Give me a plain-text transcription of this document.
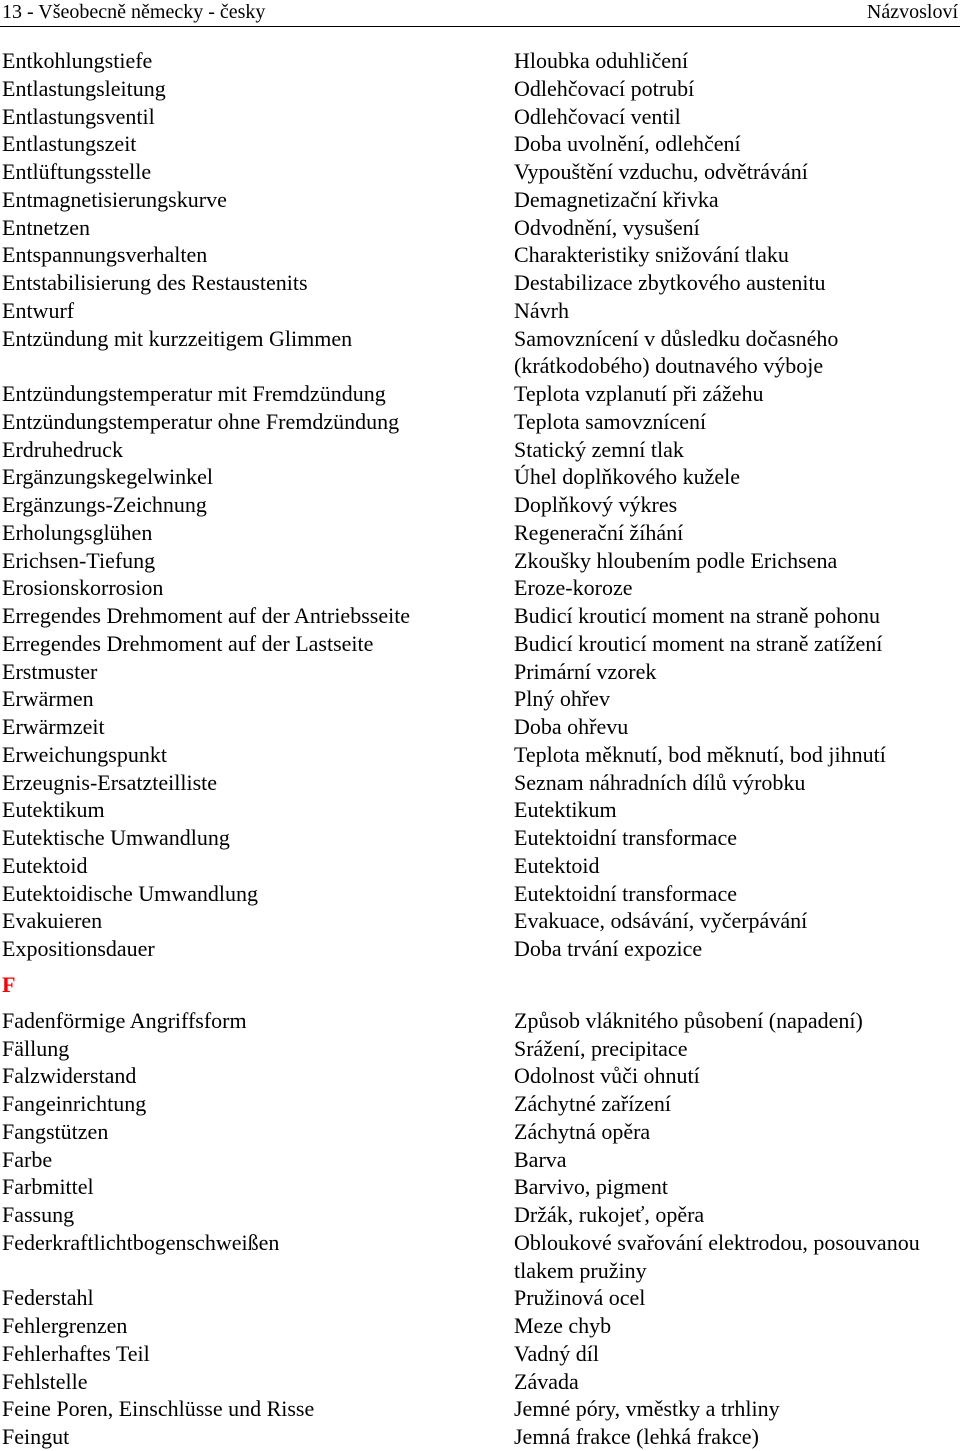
13 - Všeobecně německy - česky	Názvosloví
Entkohlungstiefe	Hloubka oduhličení
Entlastungsleitung	Odlehčovací potrubí
Entlastungsventil	Odlehčovací ventil
Entlastungszeit	Doba uvolnění, odlehčení
Entlüftungsstelle	Vypouštění vzduchu, odvětrávání
Entmagnetisierungskurve	Demagnetizační křivka
Entnetzen	Odvodnění, vysušení
Entspannungsverhalten	Charakteristiky snižování tlaku
Entstabilisierung des Restaustenits	Destabilizace zbytkového austenitu
Entwurf	Návrh
Entzündung mit kurzzeitigem Glimmen	Samovznícení v důsledku dočasného
(krátkodobého) doutnavého výboje
Entzündungstemperatur mit Fremdzündung	Teplota vzplanutí při zážehu
Entzündungstemperatur ohne Fremdzündung	Teplota samovznícení
Erdruhedruck	Statický zemní tlak
Ergänzungskegelwinkel	Úhel doplňkového kužele
Ergänzungs-Zeichnung	Doplňkový výkres
Erholungsglühen	Regenerační žíhání
Erichsen-Tiefung	Zkoušky hloubením podle Erichsena
Erosionskorrosion	Eroze-koroze
Erregendes Drehmoment auf der Antriebsseite	Budicí krouticí moment na straně pohonu
Erregendes Drehmoment auf der Lastseite	Budicí krouticí moment na straně zatížení
Erstmuster	Primární vzorek
Erwärmen	Plný ohřev
Erwärmzeit	Doba ohřevu
Erweichungspunkt	Teplota měknutí, bod měknutí, bod jihnutí
Erzeugnis-Ersatzteilliste	Seznam náhradních dílů výrobku
Eutektikum	Eutektikum
Eutektische Umwandlung	Eutektoidní transformace
Eutektoid	Eutektoid
Eutektoidische Umwandlung	Eutektoidní transformace
Evakuieren	Evakuace, odsávání, vyčerpávání
Expositionsdauer	Doba trvání expozice
F
Fadenförmige Angriffsform	Způsob vláknitého působení (napadení)
Fällung	Srážení, precipitace
Falzwiderstand	Odolnost vůči ohnutí
Fangeinrichtung	Záchytné zařízení
Fangstützen	Záchytná opěra
Farbe	Barva
Farbmittel	Barvivo, pigment
Fassung	Držák, rukojeť, opěra
Federkraftlichtbogenschweißen	Obloukové svařování elektrodou, posouvanou
tlakem pružiny
Federstahl	Pružinová ocel
Fehlergrenzen	Meze chyb
Fehlerhaftes Teil	Vadný díl
Fehlstelle	Závada
Feine Poren, Einschlüsse und Risse	Jemné póry, vměstky a trhliny
Feingut	Jemná frakce (lehká frakce)
